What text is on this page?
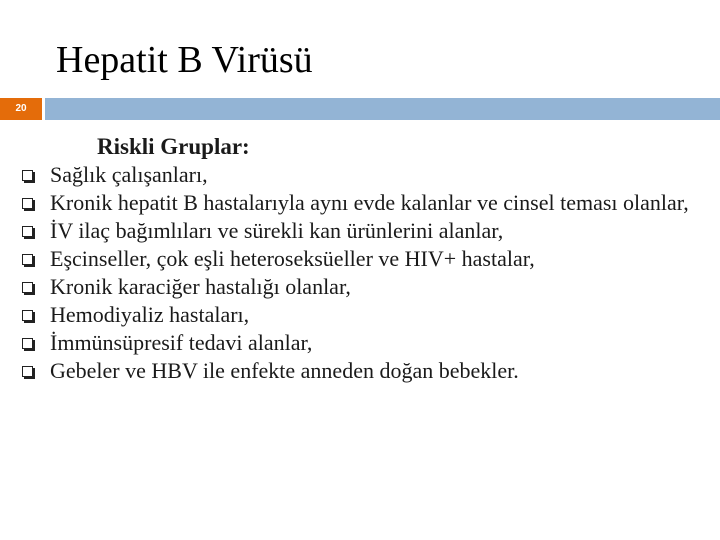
Hepatit B Virüsü
20
Riskli Gruplar:
Sağlık çalışanları,
Kronik hepatit B hastalarıyla aynı evde kalanlar ve cinsel teması olanlar,
İV ilaç bağımlıları ve sürekli kan ürünlerini alanlar,
Eşcinseller, çok eşli heteroseksüeller ve HIV+ hastalar,
Kronik karaciğer hastalığı olanlar,
Hemodiyaliz hastaları,
İmmünsüpresif tedavi alanlar,
Gebeler ve HBV ile enfekte anneden doğan bebekler.
